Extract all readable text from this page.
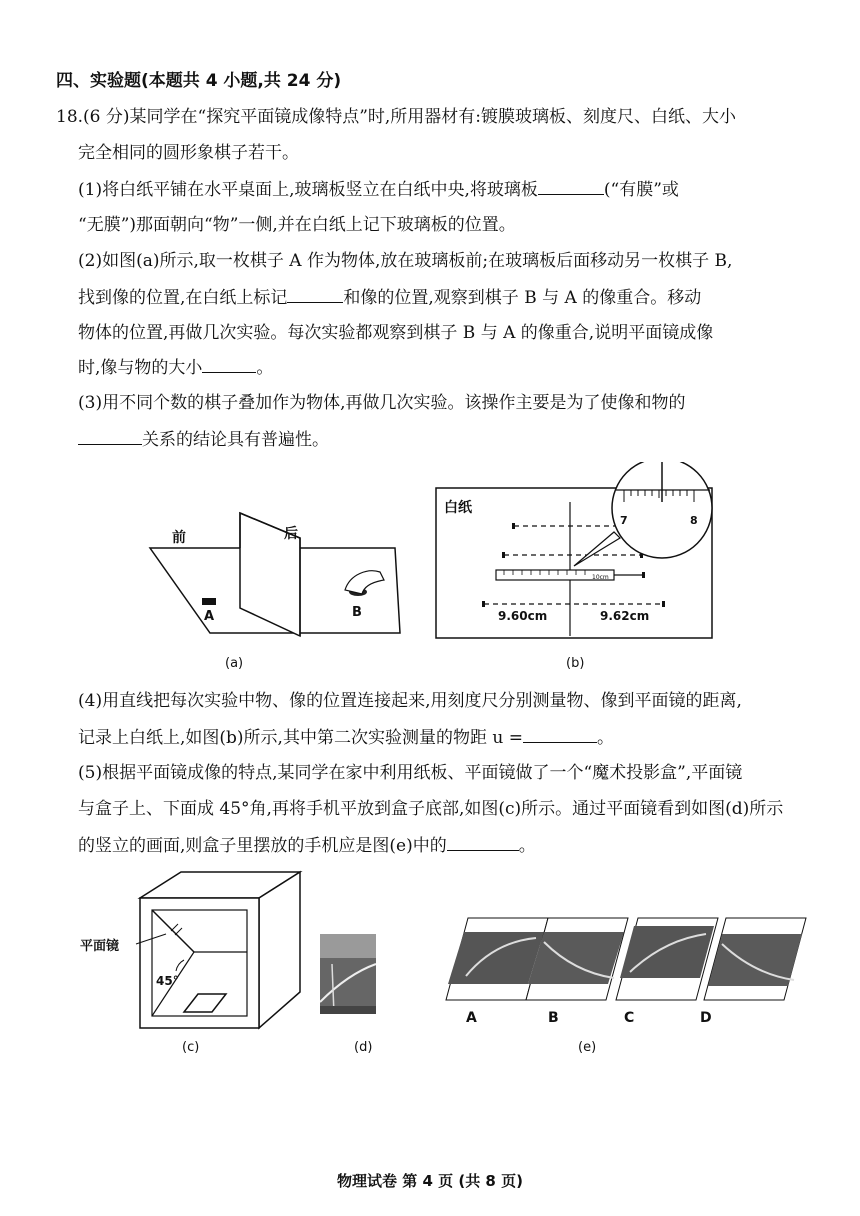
四、实验题(本题共 4 小题,共 24 分)
18.(6 分)某同学在“探究平面镜成像特点”时,所用器材有:镀膜玻璃板、刻度尺、白纸、大小
完全相同的圆形象棋子若干。
(1)将白纸平铺在水平桌面上,玻璃板竖立在白纸中央,将玻璃板	(“有膜”或
“无膜”)那面朝向“物”一侧,并在白纸上记下玻璃板的位置。
(2)如图(a)所示,取一枚棋子 A 作为物体,放在玻璃板前;在玻璃板后面移动另一枚棋子 B,
找到像的位置,在白纸上标记	和像的位置,观察到棋子 B 与 A 的像重合。移动
物体的位置,再做几次实验。每次实验都观察到棋子 B 与 A 的像重合,说明平面镜成像
时,像与物的大小	。
(3)用不同个数的棋子叠加作为物体,再做几次实验。该操作主要是为了使像和物的
关系的结论具有普遍性。
前	后
A	B
(a)
白纸
10cm
7	8
9.60cm	9.62cm
(b)
(4)用直线把每次实验中物、像的位置连接起来,用刻度尺分别测量物、像到平面镜的距离,
记录上白纸上,如图(b)所示,其中第二次实验测量的物距 u =	。
(5)根据平面镜成像的特点,某同学在家中利用纸板、平面镜做了一个“魔术投影盒”,平面镜
与盒子上、下面成 45°角,再将手机平放到盒子底部,如图(c)所示。通过平面镜看到如图(d)所示
的竖立的画面,则盒子里摆放的手机应是图(e)中的	。
平面镜
45°
(c)	(d)
A	B	C	D
(e)
物理试卷 第 4 页 (共 8 页)
